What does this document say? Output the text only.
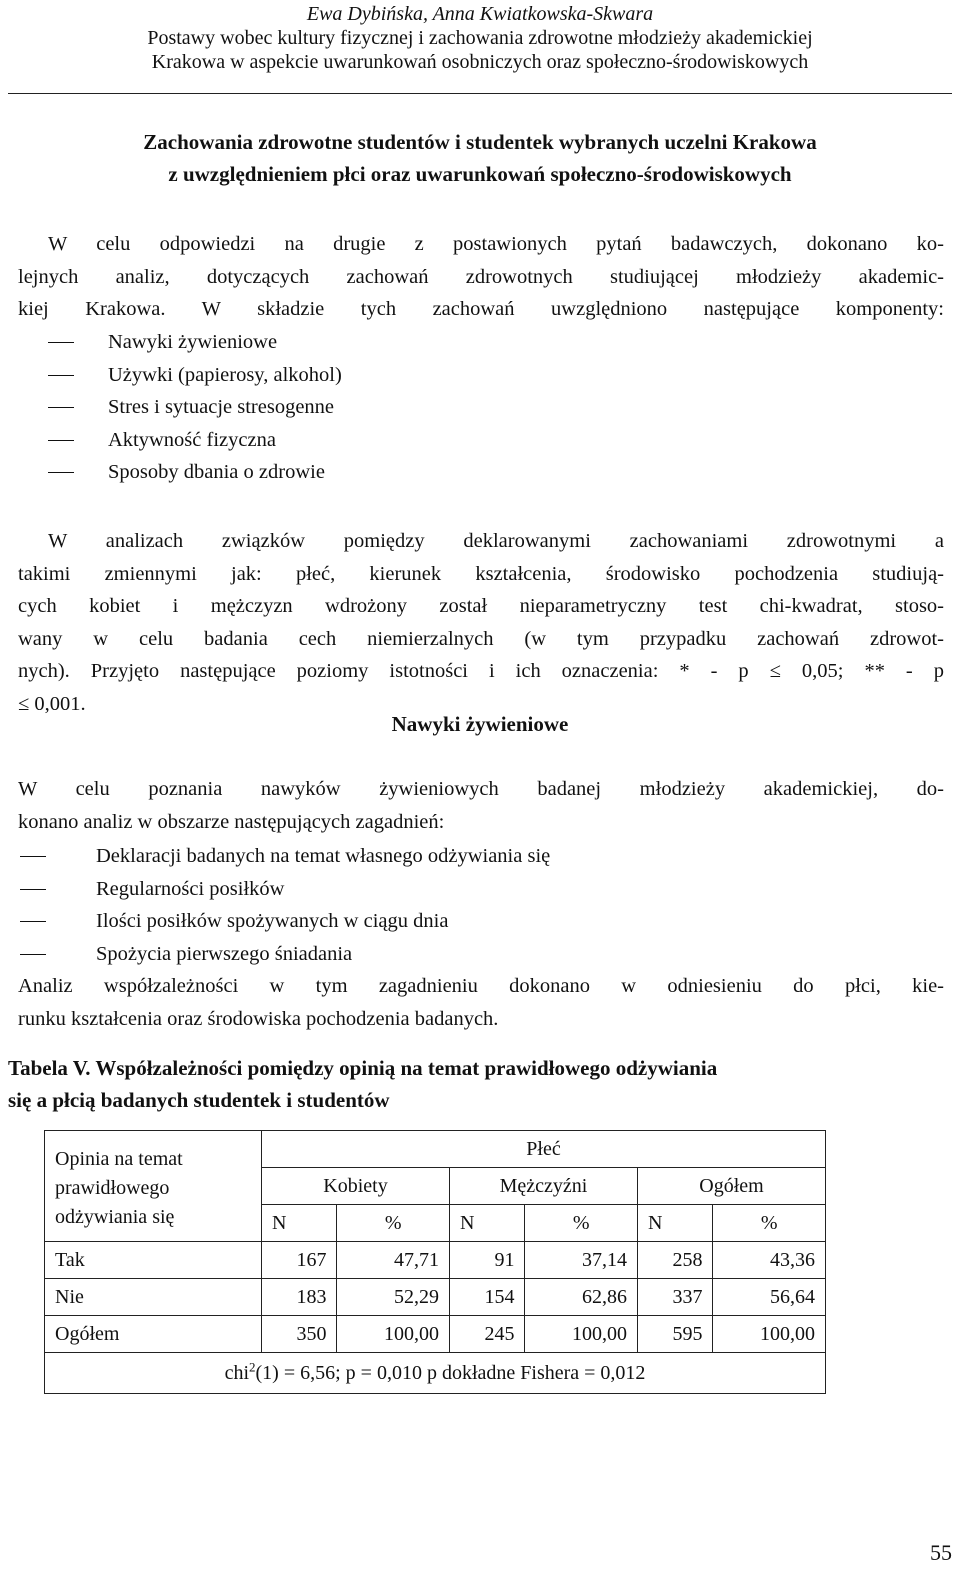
Ewa Dybińska, Anna Kwiatkowska-Skwara
Postawy wobec kultury fizycznej i zachowania zdrowotne młodzieży akademickiej
Krakowa w aspekcie uwarunkowań osobniczych oraz społeczno-środowiskowych
Zachowania zdrowotne studentów i studentek wybranych uczelni Krakowa
z uwzględnieniem płci oraz uwarunkowań społeczno-środowiskowych
W celu odpowiedzi na drugie z postawionych pytań badawczych, dokonano ko-
lejnych analiz, dotyczących zachowań zdrowotnych studiującej młodzieży akademic-
kiej Krakowa. W składzie tych zachowań uwzględniono następujące komponenty:
Nawyki żywieniowe
Używki (papierosy, alkohol)
Stres i sytuacje stresogenne
Aktywność fizyczna
Sposoby dbania o zdrowie
W analizach związków pomiędzy deklarowanymi zachowaniami zdrowotnymi a
takimi zmiennymi jak: płeć, kierunek kształcenia, środowisko pochodzenia studiują-
cych kobiet i mężczyzn wdrożony został nieparametryczny test chi-kwadrat, stoso-
wany w celu badania cech niemierzalnych (w tym przypadku zachowań zdrowot-
nych). Przyjęto następujące poziomy istotności i ich oznaczenia: * - p ≤ 0,05; ** - p
≤ 0,001.
Nawyki żywieniowe
W celu poznania nawyków żywieniowych badanej młodzieży akademickiej, do-
konano analiz w obszarze następujących zagadnień:
Deklaracji badanych na temat własnego odżywiania się
Regularności posiłków
Ilości posiłków spożywanych w ciągu dnia
Spożycia pierwszego śniadania
Analiz współzależności w tym zagadnieniu dokonano w odniesieniu do płci, kie-
runku kształcenia oraz środowiska pochodzenia badanych.
Tabela V. Współzależności pomiędzy opinią na temat prawidłowego odżywiania
się a płcią badanych studentek i studentów
Opinia na temat
prawidłowego
odżywiania się	Płeć					
	Kobiety		Mężczyźni		Ogółem	
	N	%	N	%	N	%
Tak	167	47,71	91	37,14	258	43,36
Nie	183	52,29	154	62,86	337	56,64
Ogółem	350	100,00	245	100,00	595	100,00
chi$^2$(1) = 6,56; p = 0,010 p dokładne Fishera = 0,012						
55
